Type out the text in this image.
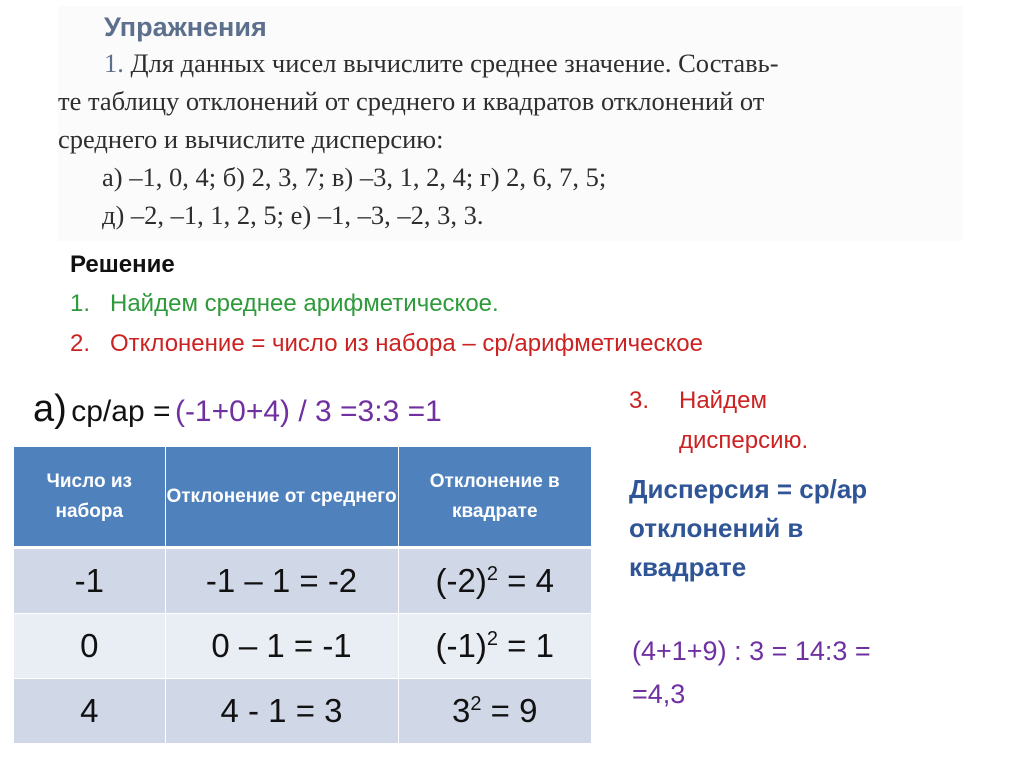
Упражнения
1. Для данных чисел вычислите среднее значение. Составь-
те таблицу отклонений от среднего и квадратов отклонений от
среднего и вычислите дисперсию:
а) –1, 0, 4; б) 2, 3, 7; в) –3, 1, 2, 4; г) 2, 6, 7, 5;
д) –2, –1, 1, 2, 5; е) –1, –3, –2, 3, 3.
Решение
1. Найдем среднее арифметическое.
2. Отклонение = число из набора – ср/арифметическое
а) ср/ар = (-1+0+4) / 3 =3:3 =1
Число из набора	Отклонение от среднего	Отклонение в квадрате
-1	-1 – 1 = -2	$(-2)^2 = 4$
0	0 – 1 = -1	$(-1)^2 = 1$
4	4 - 1 = 3	$3^2 = 9$
3. Найдем
дисперсию.
Дисперсия = ср/ар
отклонений в
квадрате
(4+1+9) : 3 = 14:3 =
=4,3
